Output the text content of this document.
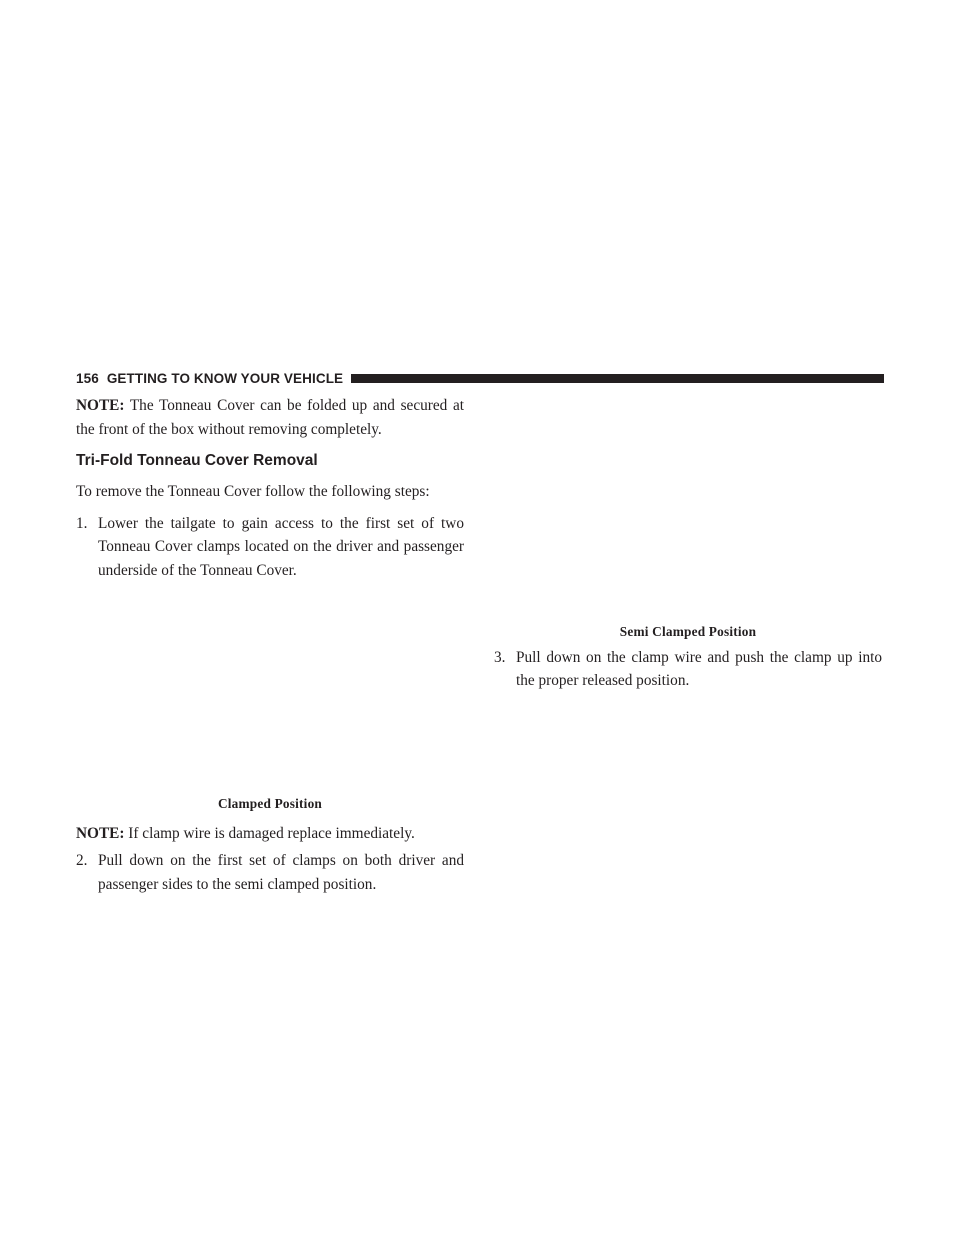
156 GETTING TO KNOW YOUR VEHICLE

NOTE: The Tonneau Cover can be folded up and secured at the front of the box without removing completely.

Tri-Fold Tonneau Cover Removal

To remove the Tonneau Cover follow the following steps:

1. Lower the tailgate to gain access to the first set of two Tonneau Cover clamps located on the driver and passenger underside of the Tonneau Cover.

Clamped Position

NOTE: If clamp wire is damaged replace immediately.

2. Pull down on the first set of clamps on both driver and passenger sides to the semi clamped position.

Semi Clamped Position

3. Pull down on the clamp wire and push the clamp up into the proper released position.
